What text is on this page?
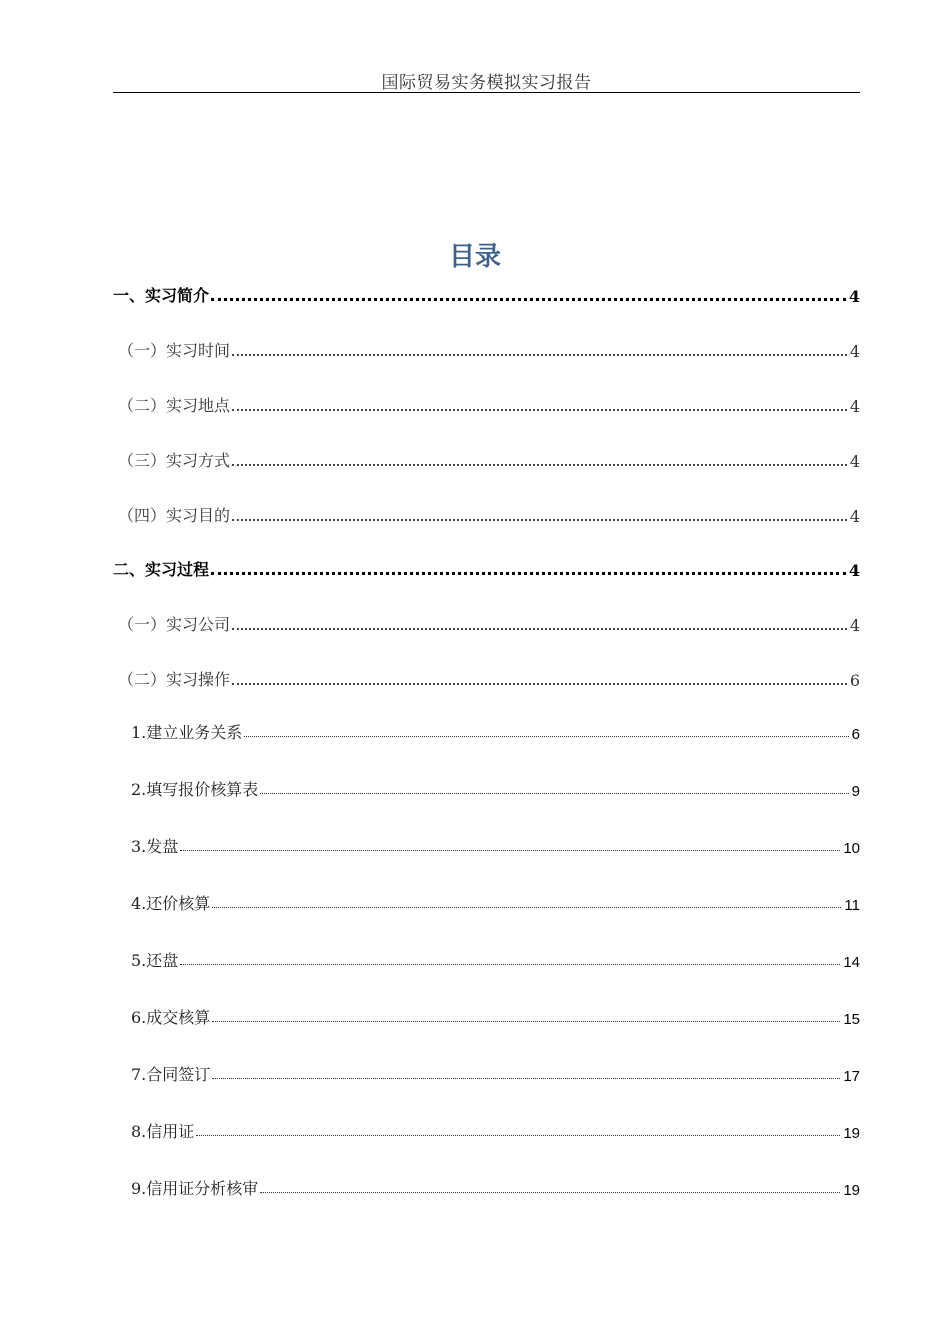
国际贸易实务模拟实习报告
目录
一、实习简介	4
（一）实习时间	4
（二）实习地点	4
（三）实习方式	4
（四）实习目的	4
二、实习过程	4
（一）实习公司	4
（二）实习操作	6
1.建立业务关系	6
2.填写报价核算表	9
3.发盘	10
4.还价核算	11
5.还盘	14
6.成交核算	15
7.合同签订	17
8.信用证	19
9.信用证分析核审	19
